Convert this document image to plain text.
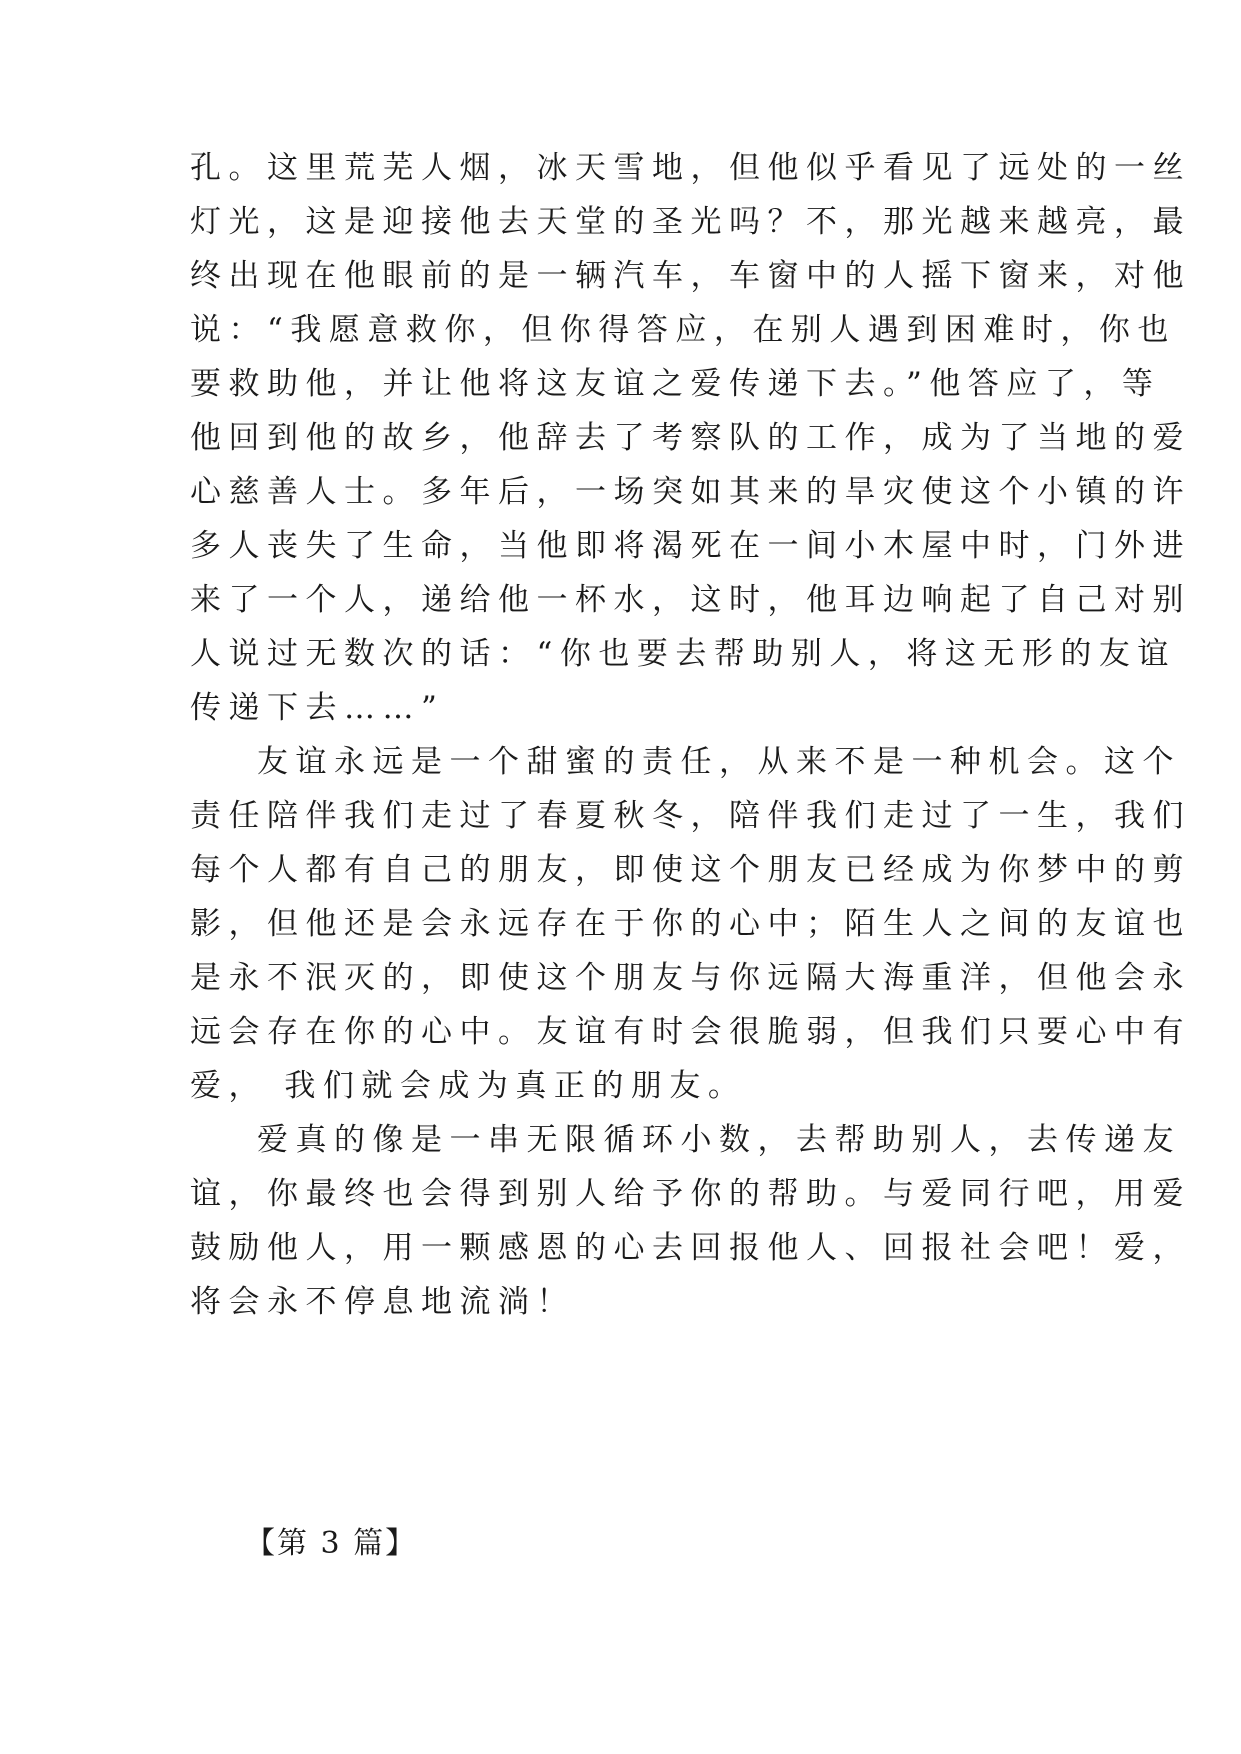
孔。这里荒芜人烟，冰天雪地，但他似乎看见了远处的一丝
灯光，这是迎接他去天堂的圣光吗？不，那光越来越亮，最
终出现在他眼前的是一辆汽车，车窗中的人摇下窗来，对他
说：“我愿意救你，但你得答应，在别人遇到困难时，你也
要救助他，并让他将这友谊之爱传递下去。”他答应了，等
他回到他的故乡，他辞去了考察队的工作，成为了当地的爱
心慈善人士。多年后，一场突如其来的旱灾使这个小镇的许
多人丧失了生命，当他即将渴死在一间小木屋中时，门外进
来了一个人，递给他一杯水，这时，他耳边响起了自己对别
人说过无数次的话：“你也要去帮助别人，将这无形的友谊
传递下去……”
友谊永远是一个甜蜜的责任，从来不是一种机会。这个
责任陪伴我们走过了春夏秋冬，陪伴我们走过了一生，我们
每个人都有自己的朋友，即使这个朋友已经成为你梦中的剪
影，但他还是会永远存在于你的心中；陌生人之间的友谊也
是永不泯灭的，即使这个朋友与你远隔大海重洋，但他会永
远会存在你的心中。友谊有时会很脆弱，但我们只要心中有
爱， 我们就会成为真正的朋友。
爱真的像是一串无限循环小数，去帮助别人，去传递友
谊，你最终也会得到别人给予你的帮助。与爱同行吧，用爱
鼓励他人，用一颗感恩的心去回报他人、回报社会吧！爱，
将会永不停息地流淌！
【第 3 篇】
